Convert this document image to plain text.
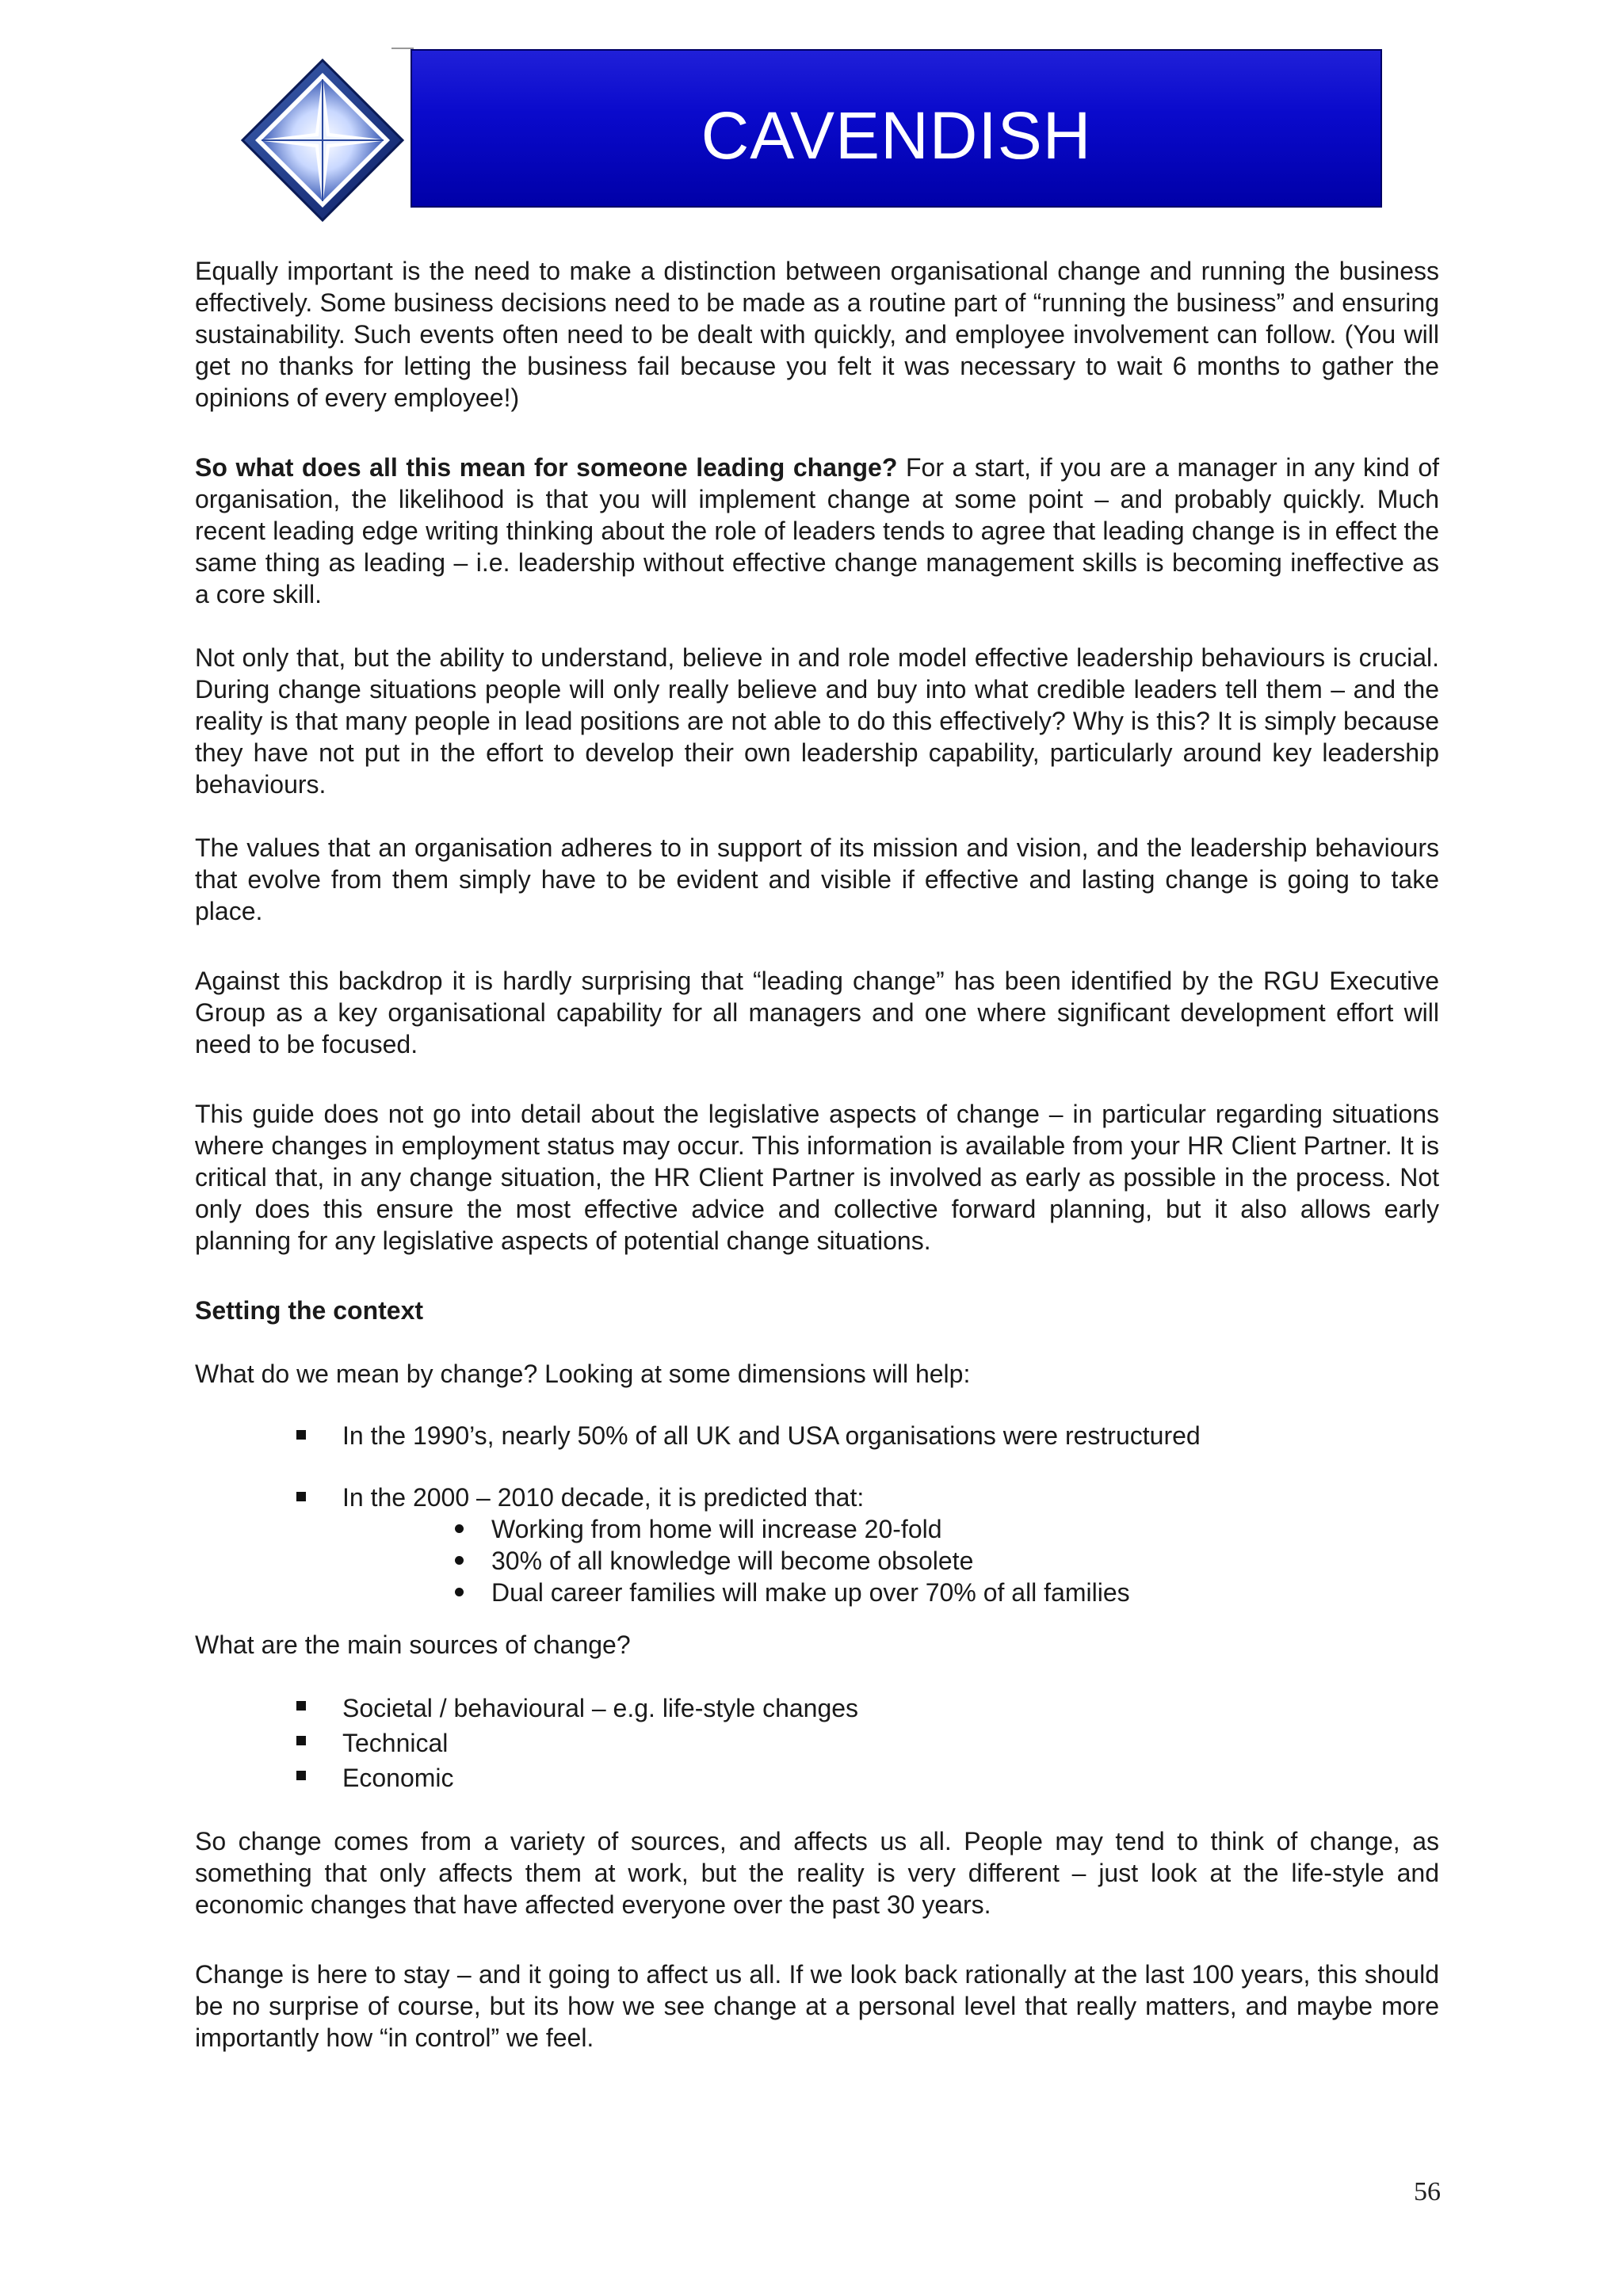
CAVENDISH

Equally important is the need to make a distinction between organisational change and running the business effectively. Some business decisions need to be made as a routine part of “running the business” and ensuring sustainability. Such events often need to be dealt with quickly, and employee involvement can follow. (You will get no thanks for letting the business fail because you felt it was necessary to wait 6 months to gather the opinions of every employee!)

So what does all this mean for someone leading change? For a start, if you are a manager in any kind of organisation, the likelihood is that you will implement change at some point – and probably quickly. Much recent leading edge writing thinking about the role of leaders tends to agree that leading change is in effect the same thing as leading – i.e. leadership without effective change management skills is becoming ineffective as a core skill.

Not only that, but the ability to understand, believe in and role model effective leadership behaviours is crucial. During change situations people will only really believe and buy into what credible leaders tell them – and the reality is that many people in lead positions are not able to do this effectively? Why is this? It is simply because they have not put in the effort to develop their own leadership capability, particularly around key leadership behaviours.

The values that an organisation adheres to in support of its mission and vision, and the leadership behaviours that evolve from them simply have to be evident and visible if effective and lasting change is going to take place.

Against this backdrop it is hardly surprising that “leading change” has been identified by the RGU Executive Group as a key organisational capability for all managers and one where significant development effort will need to be focused.

This guide does not go into detail about the legislative aspects of change – in particular regarding situations where changes in employment status may occur. This information is available from your HR Client Partner. It is critical that, in any change situation, the HR Client Partner is involved as early as possible in the process. Not only does this ensure the most effective advice and collective forward planning, but it also allows early planning for any legislative aspects of potential change situations.

Setting the context

What do we mean by change? Looking at some dimensions will help:

In the 1990’s, nearly 50% of all UK and USA organisations were restructured
In the 2000 – 2010 decade, it is predicted that:
Working from home will increase 20-fold
30% of all knowledge will become obsolete
Dual career families will make up over 70% of all families

What are the main sources of change?

Societal / behavioural – e.g. life-style changes
Technical
Economic

So change comes from a variety of sources, and affects us all. People may tend to think of change, as something that only affects them at work, but the reality is very different – just look at the life-style and economic changes that have affected everyone over the past 30 years.

Change is here to stay – and it going to affect us all. If we look back rationally at the last 100 years, this should be no surprise of course, but its how we see change at a personal level that really matters, and maybe more importantly how “in control” we feel.

56
